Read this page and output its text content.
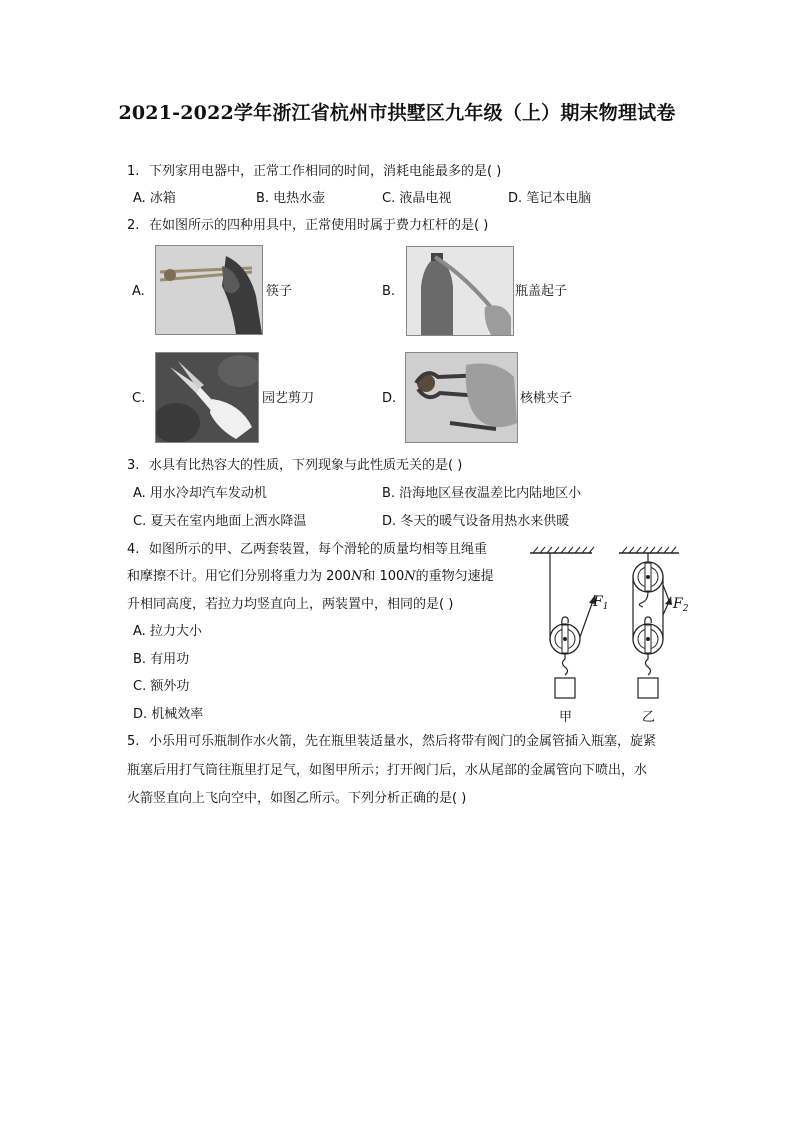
2021-2022学年浙江省杭州市拱墅区九年级（上）期末物理试卷
1. 下列家用电器中，正常工作相同的时间，消耗电能最多的是( )
A. 冰箱	B. 电热水壶	C. 液晶电视	D. 笔记本电脑
2. 在如图所示的四种用具中，正常使用时属于费力杠杆的是( )
A.	筷子	B.	瓶盖起子
C.	园艺剪刀	D.	核桃夹子
3. 水具有比热容大的性质，下列现象与此性质无关的是( )
A. 用水冷却汽车发动机	B. 沿海地区昼夜温差比内陆地区小
C. 夏天在室内地面上洒水降温	D. 冬天的暖气设备用热水来供暖
4. 如图所示的甲、乙两套装置，每个滑轮的质量均相等且绳重
和摩擦不计。用它们分别将重力为 200N和 100N的重物匀速提
升相同高度，若拉力均竖直向上，两装置中，相同的是( )
A. 拉力大小
B. 有用功
C. 额外功
D. 机械效率
$F_1$
甲
$F_2$
乙
5. 小乐用可乐瓶制作水火箭，先在瓶里装适量水，然后将带有阀门的金属管插入瓶塞，旋紧
瓶塞后用打气筒往瓶里打足气，如图甲所示；打开阀门后，水从尾部的金属管向下喷出，水
火箭竖直向上飞向空中，如图乙所示。下列分析正确的是( )
